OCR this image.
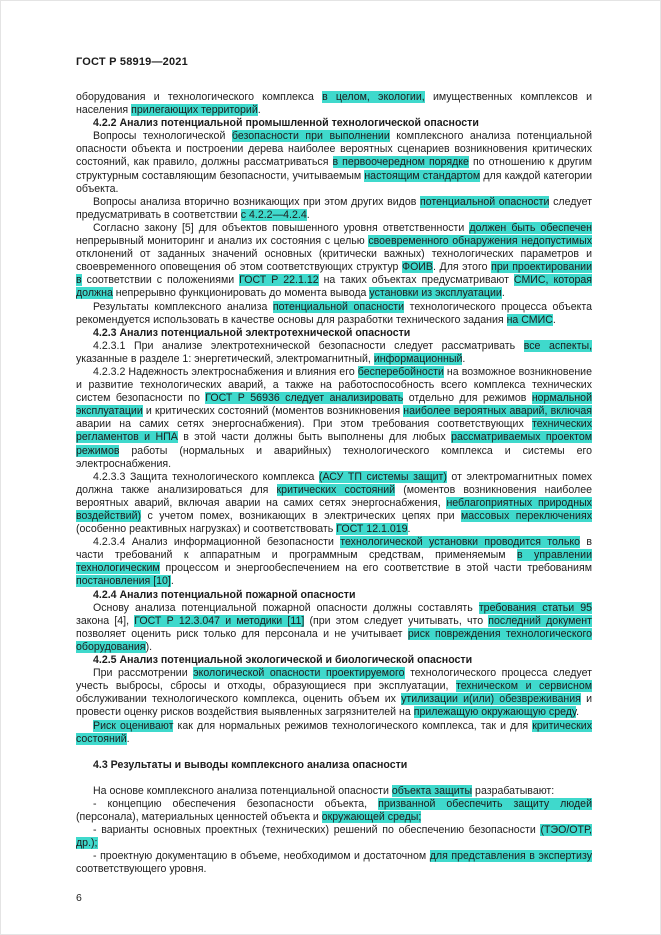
ГОСТ Р 58919—2021

оборудования и технологического комплекса в целом, экологии, имущественных комплексов и населения прилегающих территорий.

4.2.2 Анализ потенциальной промышленной технологической опасности

Вопросы технологической безопасности при выполнении комплексного анализа потенциальной опасности объекта и построении дерева наиболее вероятных сценариев возникновения критических состояний, как правило, должны рассматриваться в первоочередном порядке по отношению к другим структурным составляющим безопасности, учитываемым настоящим стандартом для каждой категории объекта.

Вопросы анализа вторично возникающих при этом других видов потенциальной опасности следует предусматривать в соответствии с 4.2.2—4.2.4.

Согласно закону [5] для объектов повышенного уровня ответственности должен быть обеспечен непрерывный мониторинг и анализ их состояния с целью своевременного обнаружения недопустимых отклонений от заданных значений основных (критически важных) технологических параметров и своевременного оповещения об этом соответствующих структур ФОИВ. Для этого при проектировании в соответствии с положениями ГОСТ Р 22.1.12 на таких объектах предусматривают СМИС, которая должна непрерывно функционировать до момента вывода установки из эксплуатации.

Результаты комплексного анализа потенциальной опасности технологического процесса объекта рекомендуется использовать в качестве основы для разработки технического задания на СМИС.

4.2.3 Анализ потенциальной электротехнической опасности

4.2.3.1 При анализе электротехнической безопасности следует рассматривать все аспекты, указанные в разделе 1: энергетический, электромагнитный, информационный.

4.2.3.2 Надежность электроснабжения и влияния его бесперебойности на возможное возникновение и развитие технологических аварий, а также на работоспособность всего комплекса технических систем безопасности по ГОСТ Р 56936 следует анализировать отдельно для режимов нормальной эксплуатации и критических состояний (моментов возникновения наиболее вероятных аварий, включая аварии на самих сетях энергоснабжения). При этом требования соответствующих технических регламентов и НПА в этой части должны быть выполнены для любых рассматриваемых проектом режимов работы (нормальных и аварийных) технологического комплекса и системы его электроснабжения.

4.2.3.3 Защита технологического комплекса (АСУ ТП системы защит) от электромагнитных помех должна также анализироваться для критических состояний (моментов возникновения наиболее вероятных аварий, включая аварии на самих сетях энергоснабжения, неблагоприятных природных воздействий) с учетом помех, возникающих в электрических цепях при массовых переключениях (особенно реактивных нагрузках) и соответствовать ГОСТ 12.1.019.

4.2.3.4 Анализ информационной безопасности технологической установки проводится только в части требований к аппаратным и программным средствам, применяемым в управлении технологическим процессом и энергообеспечением на его соответствие в этой части требованиям постановления [10].

4.2.4 Анализ потенциальной пожарной опасности

Основу анализа потенциальной пожарной опасности должны составлять требования статьи 95 закона [4], ГОСТ Р 12.3.047 и методики [11] (при этом следует учитывать, что последний документ позволяет оценить риск только для персонала и не учитывает риск повреждения технологического оборудования).

4.2.5 Анализ потенциальной экологической и биологической опасности

При рассмотрении экологической опасности проектируемого технологического процесса следует учесть выбросы, сбросы и отходы, образующиеся при эксплуатации, техническом и сервисном обслуживании технологического комплекса, оценить объем их утилизации и(или) обезвреживания и провести оценку рисков воздействия выявленных загрязнителей на прилежащую окружающую среду.

Риск оценивают как для нормальных режимов технологического комплекса, так и для критических состояний.

4.3 Результаты и выводы комплексного анализа опасности

На основе комплексного анализа потенциальной опасности объекта защиты разрабатывают:

- концепцию обеспечения безопасности объекта, призванной обеспечить защиту людей (персонала), материальных ценностей объекта и окружающей среды;

- варианты основных проектных (технических) решений по обеспечению безопасности (ТЭО/ОТР, др.);

- проектную документацию в объеме, необходимом и достаточном для представления в экспертизу соответствующего уровня.

6
